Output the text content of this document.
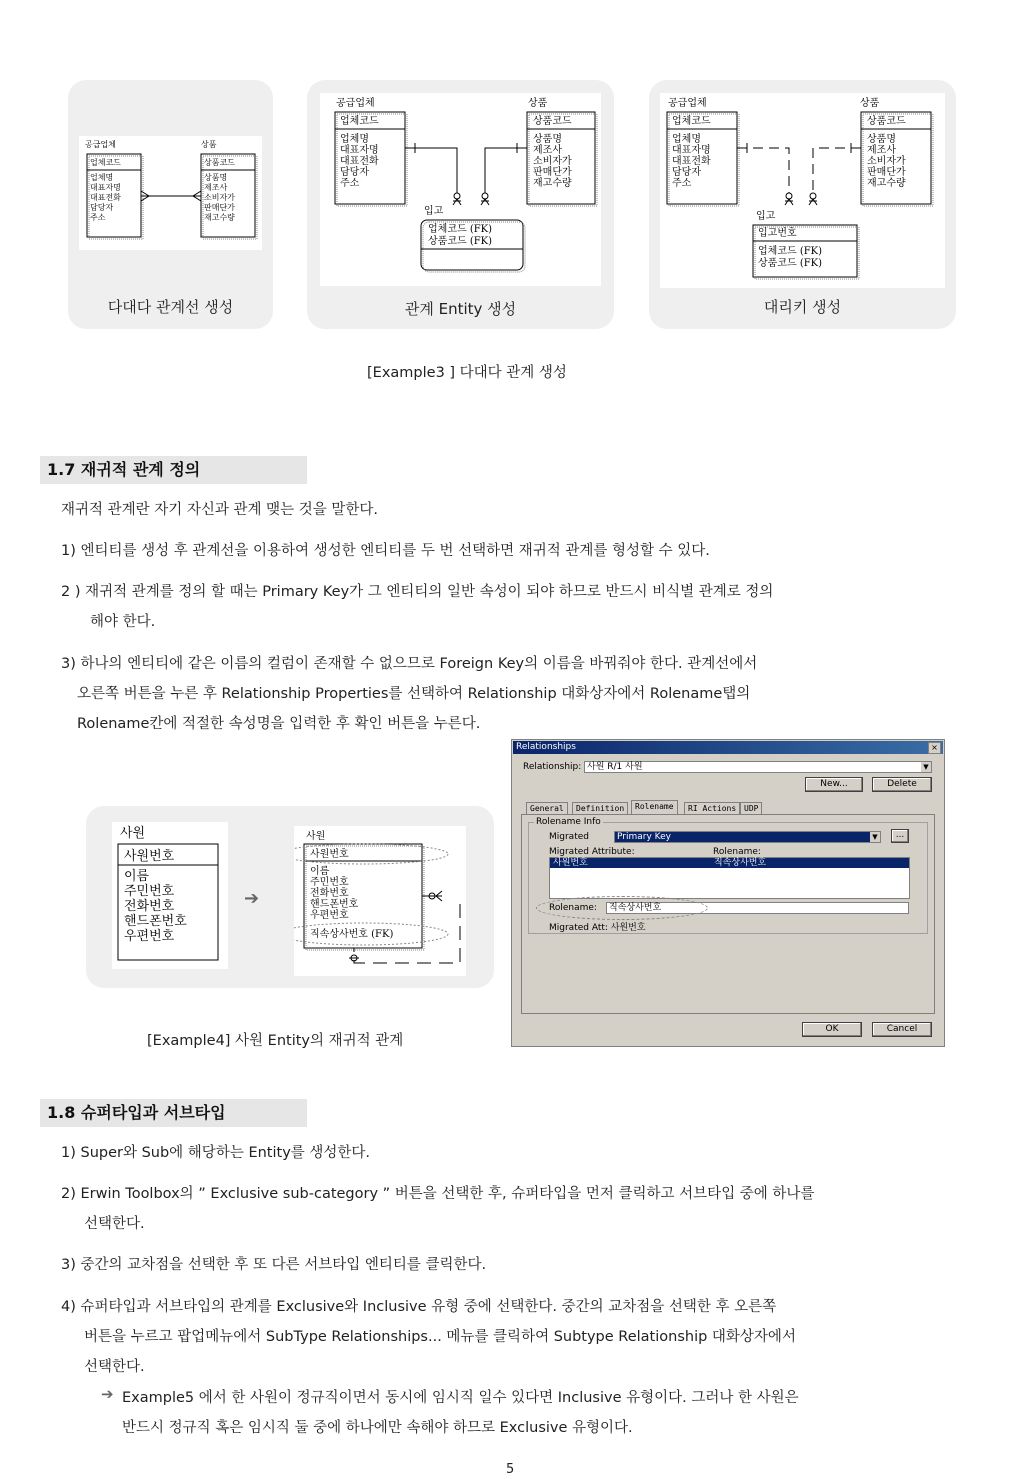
공급업체	상품
업체코드
업체명
대표자명
대표전화
담당자
주소
상품코드
상품명
제조사
소비자가
판매단가
재고수량
다대다 관계선 생성
공급업체	상품
입고
업체코드
업체명
대표자명
대표전화
담당자
주소
상품코드
상품명
제조사
소비자가
판매단가
재고수량
업체코드 (FK)
상품코드 (FK)
관계 Entity 생성
공급업체	상품
입고
업체코드
업체명
대표자명
대표전화
담당자
주소
상품코드
상품명
제조사
소비자가
판매단가
재고수량
입고번호
업체코드 (FK)
상품코드 (FK)
대리키 생성
[Example3 ] 다대다 관계 생성
1.7 재귀적 관계 정의
재귀적 관계란 자기 자신과 관계 맺는 것을 말한다.
1) 엔티티를 생성 후 관계선을 이용하여 생성한 엔티티를 두 번 선택하면 재귀적 관계를 형성할 수 있다.
2 ) 재귀적 관계를 정의 할 때는 Primary Key가 그 엔티티의 일반 속성이 되야 하므로 반드시 비식별 관계로 정의
해야 한다.
3) 하나의 엔티티에 같은 이름의 컬럼이 존재할 수 없으므로 Foreign Key의 이름을 바꿔줘야 한다. 관계선에서
오른쪽 버튼을 누른 후 Relationship Properties를 선택하여 Relationship 대화상자에서 Rolename탭의
Rolename칸에 적절한 속성명을 입력한 후 확인 버튼을 누른다.
사원
사원번호
이름
주민번호
전화번호
핸드폰번호
우편번호
➔
사원
사원번호
이름
주민번호
전화번호
핸드폰번호
우편번호
직속상사번호 (FK)
[Example4] 사원 Entity의 재귀적 관계
Relationships	×
Relationship: 사원 R/1 사원	▼
New...	Delete
General	Definition	Rolename	RI Actions UDP
Rolename Info
Migrated	Primary Key	▼	...
Migrated Attribute:	Rolename:
사원번호	직속상사번호
Rolename:	직속상사번호
Migrated Att: 사원번호
OK	Cancel
1.8 슈퍼타입과 서브타입
1) Super와 Sub에 해당하는 Entity를 생성한다.
2) Erwin Toolbox의 ” Exclusive sub-category ” 버튼을 선택한 후, 슈퍼타입을 먼저 클릭하고 서브타입 중에 하나를
선택한다.
3) 중간의 교차점을 선택한 후 또 다른 서브타입 엔티티를 클릭한다.
4) 슈퍼타입과 서브타입의 관계를 Exclusive와 Inclusive 유형 중에 선택한다. 중간의 교차점을 선택한 후 오른쪽
버튼을 누르고 팝업메뉴에서 SubType Relationships... 메뉴를 클릭하여 Subtype Relationship 대화상자에서
선택한다.
➔ Example5 에서 한 사원이 정규직이면서 동시에 임시직 일수 있다면 Inclusive 유형이다. 그러나 한 사원은
반드시 정규직 혹은 임시직 둘 중에 하나에만 속해야 하므로 Exclusive 유형이다.
5
